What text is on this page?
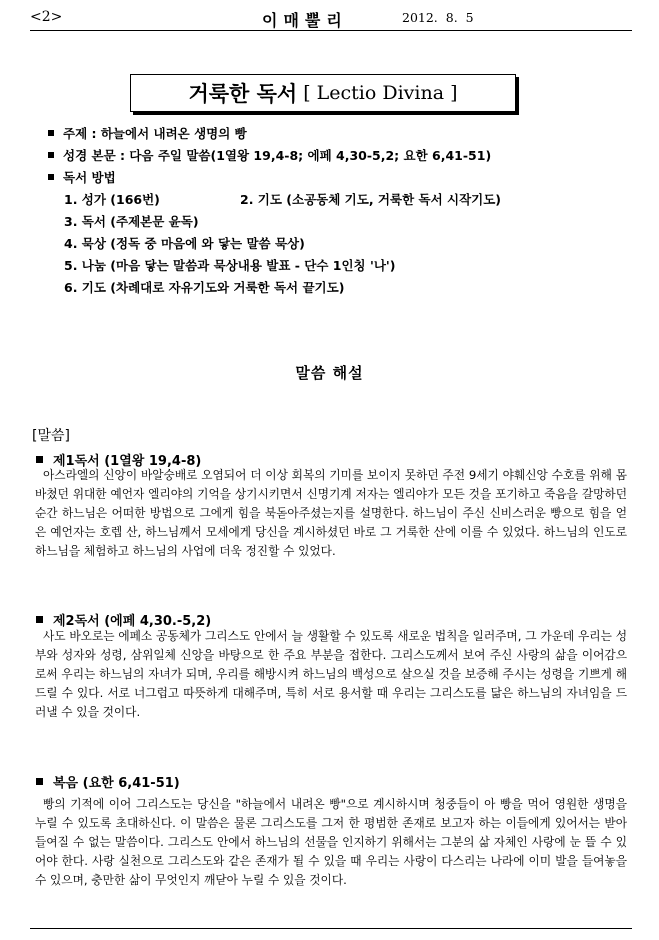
<2>	이매뿔리	2012. 8. 5
거룩한 독서 [ Lectio Divina ]
주제 : 하늘에서 내려온 생명의 빵
성경 본문 : 다음 주일 말씀(1열왕 19,4-8; 에페 4,30-5,2; 요한 6,41-51)
독서 방법
1. 성가 (166번)	2. 기도 (소공동체 기도, 거룩한 독서 시작기도)
3. 독서 (주제본문 윤독)
4. 묵상 (정독 중 마음에 와 닿는 말씀 묵상)
5. 나눔 (마음 닿는 말씀과 묵상내용 발표 - 단수 1인칭 '나')
6. 기도 (차례대로 자유기도와 거룩한 독서 끝기도)
말씀 해설
[말씀]
제1독서 (1열왕 19,4-8)
아스라엘의 신앙이 바알숭배로 오염되어 더 이상 회복의 기미를 보이지 못하던 주전 9세기 야훼신앙 수호를 위해 몸 바쳤던 위대한 예언자 엘리야의 기억을 상기시키면서 신명기계 저자는 엘리야가 모든 것을 포기하고 죽음을 갈망하던 순간 하느님은 어떠한 방법으로 그에게 힘을 북돋아주셨는지를 설명한다. 하느님이 주신 신비스러운 빵으로 힘을 얻은 예언자는 호렙 산, 하느님께서 모세에게 당신을 계시하셨던 바로 그 거룩한 산에 이를 수 있었다. 하느님의 인도로 하느님을 체험하고 하느님의 사업에 더욱 정진할 수 있었다.
제2독서 (에페 4,30.-5,2)
사도 바오로는 에페소 공동체가 그리스도 안에서 늘 생활할 수 있도록 새로운 법칙을 일러주며, 그 가운데 우리는 성부와 성자와 성령, 삼위일체 신앙을 바탕으로 한 주요 부분을 접한다. 그리스도께서 보여 주신 사랑의 삶을 이어감으로써 우리는 하느님의 자녀가 되며, 우리를 해방시켜 하느님의 백성으로 살으실 것을 보증해 주시는 성령을 기쁘게 해 드릴 수 있다. 서로 너그럽고 따뜻하게 대해주며, 특히 서로 용서할 때 우리는 그리스도를 닮은 하느님의 자녀임을 드러낼 수 있을 것이다.
복음 (요한 6,41-51)
빵의 기적에 이어 그리스도는 당신을 "하늘에서 내려온 빵"으로 계시하시며 청중들이 아 빵을 먹어 영원한 생명을 누릴 수 있도록 초대하신다. 이 말씀은 물론 그리스도를 그저 한 평범한 존재로 보고자 하는 이들에게 있어서는 받아들여질 수 없는 말씀이다. 그리스도 안에서 하느님의 선물을 인지하기 위해서는 그분의 삶 자체인 사랑에 눈 뜰 수 있어야 한다. 사랑 실천으로 그리스도와 같은 존재가 될 수 있을 때 우리는 사랑이 다스리는 나라에 이미 발을 들여놓을 수 있으며, 충만한 삶이 무엇인지 깨닫아 누릴 수 있을 것이다.
